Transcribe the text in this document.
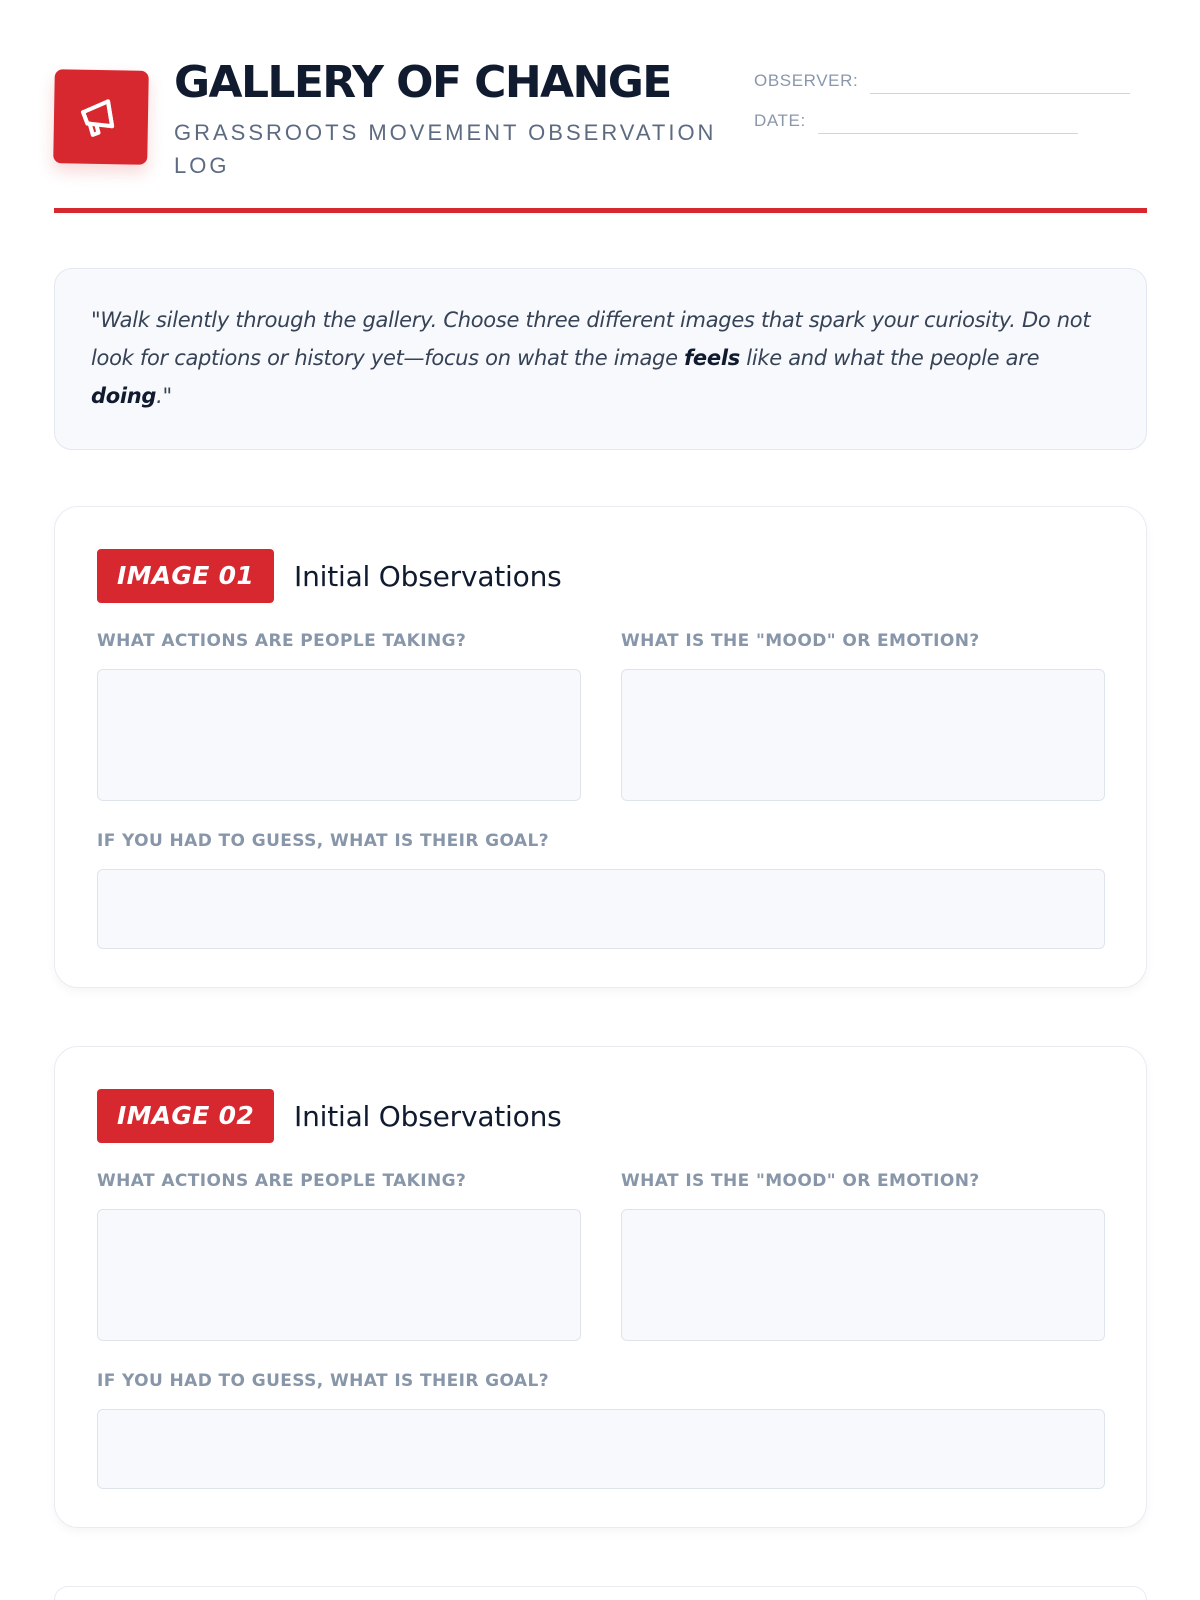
GALLERY OF CHANGE
GRASSROOTS MOVEMENT OBSERVATION LOG
OBSERVER:
DATE:

"Walk silently through the gallery. Choose three different images that spark your curiosity. Do not look for captions or history yet—focus on what the image feels like and what the people are doing."

IMAGE 01	Initial Observations
WHAT ACTIONS ARE PEOPLE TAKING?	WHAT IS THE "MOOD" OR EMOTION?
IF YOU HAD TO GUESS, WHAT IS THEIR GOAL?
IMAGE 02	Initial Observations
WHAT ACTIONS ARE PEOPLE TAKING?	WHAT IS THE "MOOD" OR EMOTION?
IF YOU HAD TO GUESS, WHAT IS THEIR GOAL?
